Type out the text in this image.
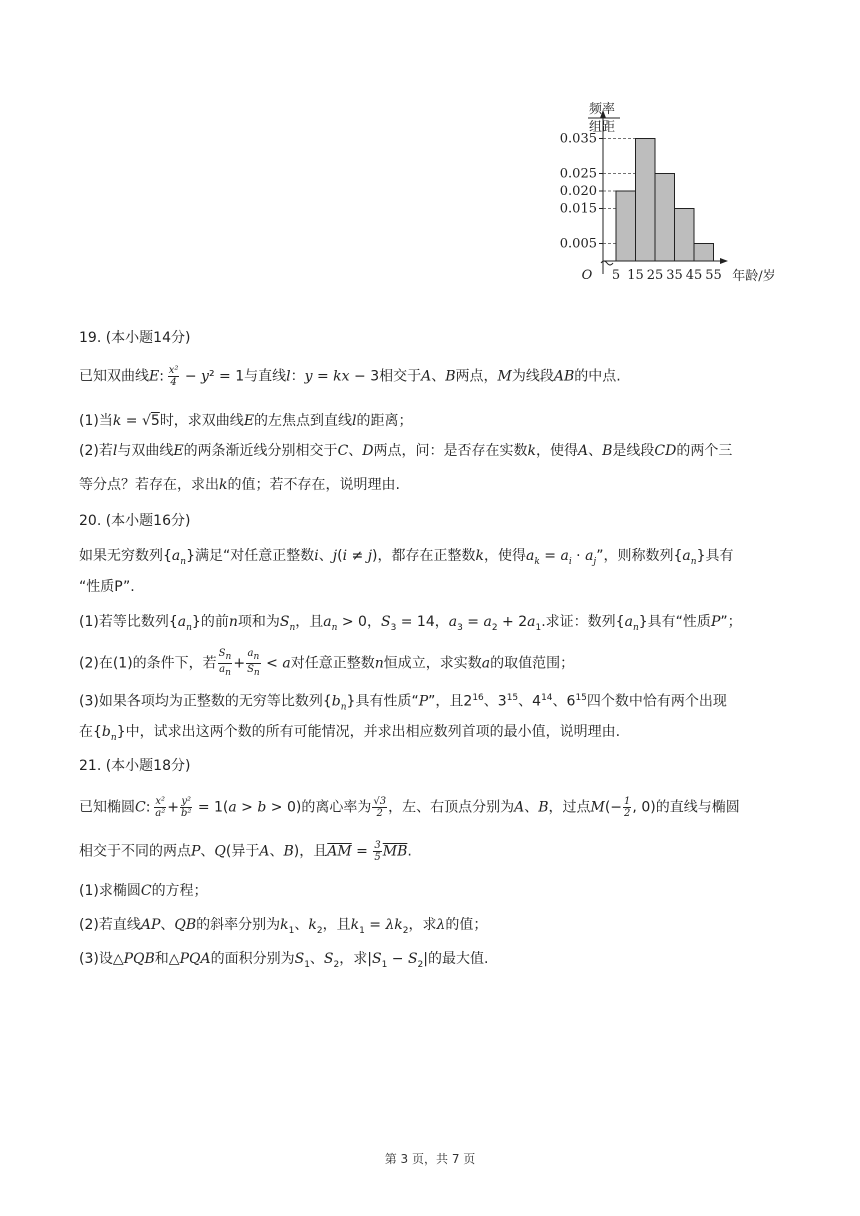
频率
组距
0.035
0.025
0.020
0.015
0.005
5 15 25 35 45 55
O	年龄/岁
19. (本小题14分)
已知双曲线E:  $\frac{\text{x²}}{4} - y^2 = 1$与直线l：y = kx − 3相交于A、B两点，M为线段AB的中点.
(1)当k = √5时，求双曲线E的左焦点到直线l的距离；
(2)若l与双曲线E的两条渐近线分别相交于C、D两点，问：是否存在实数k，使得A、B是线段CD的两个三
等分点？若存在，求出k的值；若不存在，说明理由.
20. (本小题16分)
如果无穷数列$\{a_n\}$满足“对任意正整数i、j(i ≠ j)，都存在正整数k，使得$a_k = a_i \cdot a_j$”，则称数列$\{a_n\}$具有
“性质P”.
(1)若等比数列$\{a_n\}$的前n项和为$S_n$，且$a_n > 0$，$S_3 = 14$，$a_3 = a_2 + 2a_1$.求证：数列$\{a_n\}$具有“性质P”；
(2)在(1)的条件下，若 $\frac{S_n}{a_n} + \frac{a_n}{S_n} < a$对任意正整数n恒成立，求实数a的取值范围；
(3)如果各项均为正整数的无穷等比数列$\{b_n\}$具有性质“P”，且$2^{16}$、$3^{15}$、$4^{14}$、$6^{15}$四个数中恰有两个出现
在$\{b_n\}$中，试求出这两个数的所有可能情况，并求出相应数列首项的最小值，说明理由.
21. (本小题18分)
已知椭圆C:  $\frac{\text{x²}}{\text{a²}} + \frac{\text{y²}}{\text{b²}} = 1(a > b > 0)$的离心率为 $\frac{√3}{2}$ ，左、右顶点分别为A、B，过点$M(- \frac{1}{2}$ , 0)的直线与椭圆
相交于不同的两点P、Q(异于A、B)，且$\overline{AM} = \frac{3}{5} \overline{MB}$.
(1)求椭圆C的方程；
(2)若直线AP、QB的斜率分别为$k_1$、$k_2$，且$k_1 = \lambda k_2$，求λ的值；
(3)设△PQB和△PQA的面积分别为$S_1$、$S_2$，求$|S_1 - S_2|$的最大值.
第 3 页，共 7 页
